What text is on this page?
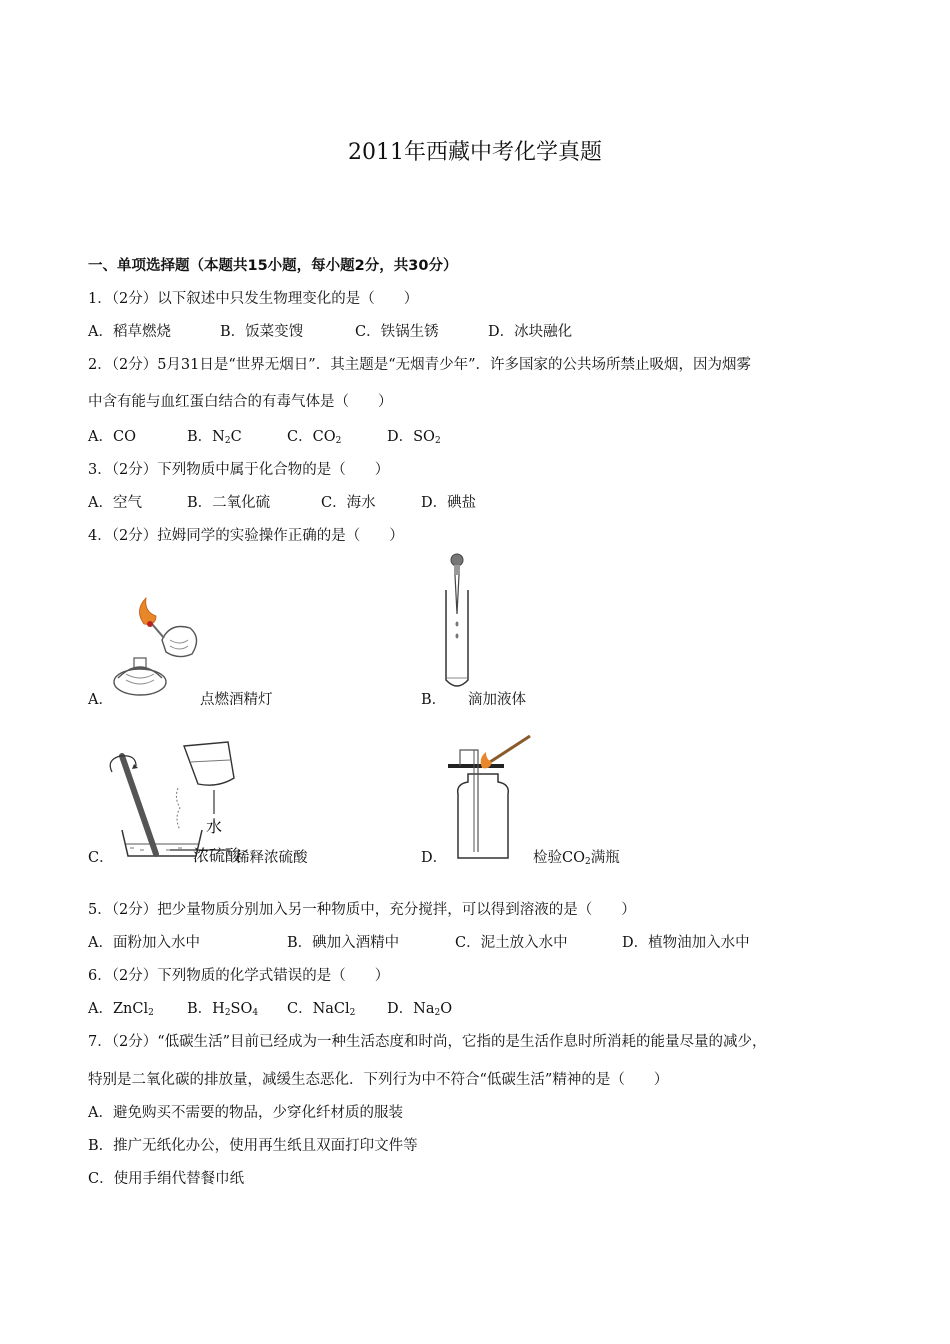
2011年西藏中考化学真题
一、单项选择题（本题共15小题，每小题2分，共30分）
1．（2分）以下叙述中只发生物理变化的是（　　）
A．稻草燃烧	B．饭菜变馊	C．铁锅生锈	D．冰块融化
2．（2分）5月31日是“世界无烟日”．其主题是“无烟青少年”．许多国家的公共场所禁止吸烟，因为烟雾
中含有能与血红蛋白结合的有毒气体是（　　）
A．CO	B．$N_2C$	C．$CO_2$	D．$SO_2$
3．（2分）下列物质中属于化合物的是（　　）
A．空气	B．二氧化硫	C．海水	D．碘盐
4．（2分）拉姆同学的实验操作正确的是（　　）
A．	点燃酒精灯	B． 滴加液体
水
C．	浓硫酸
稀释浓硫酸	D．	检验$CO_2$满瓶
5．（2分）把少量物质分别加入另一种物质中，充分搅拌，可以得到溶液的是（　　）
A．面粉加入水中	B．碘加入酒精中	C．泥土放入水中	D．植物油加入水中
6．（2分）下列物质的化学式错误的是（　　）
A．ZnCl$_2$ B．$H_2SO_4$ C．NaCl$_2$ D．$Na_2O$
7．（2分）“低碳生活”目前已经成为一种生活态度和时尚，它指的是生活作息时所消耗的能量尽量的减少，
特别是二氧化碳的排放量，减缓生态恶化．下列行为中不符合“低碳生活”精神的是（　　）
A．避免购买不需要的物品，少穿化纤材质的服装
B．推广无纸化办公，使用再生纸且双面打印文件等
C．使用手绢代替餐巾纸
